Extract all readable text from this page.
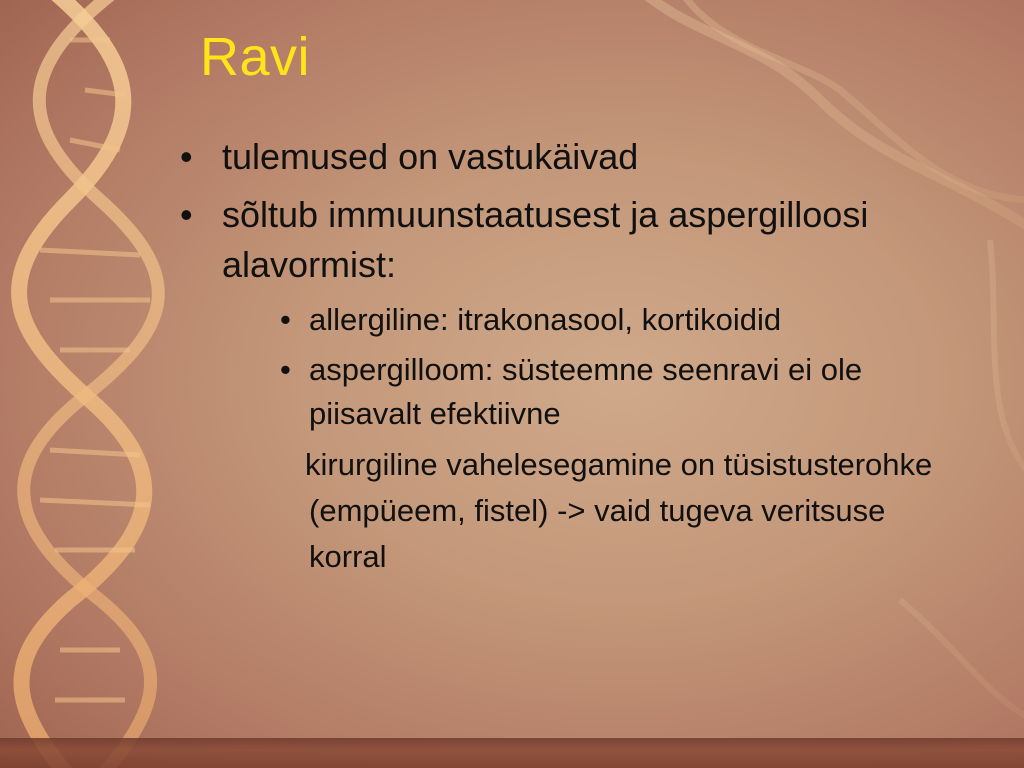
Ravi
• tulemused on vastukäivad
• sõltub immuunstaatusest ja aspergilloosi alavormist:
• allergiline: itrakonasool, kortikoidid
• aspergilloom: süsteemne seenravi ei ole piisavalt efektiivne
kirurgiline vahelesegamine on tüsistusterohke (empüeem, fistel) -> vaid tugeva veritsuse korral
